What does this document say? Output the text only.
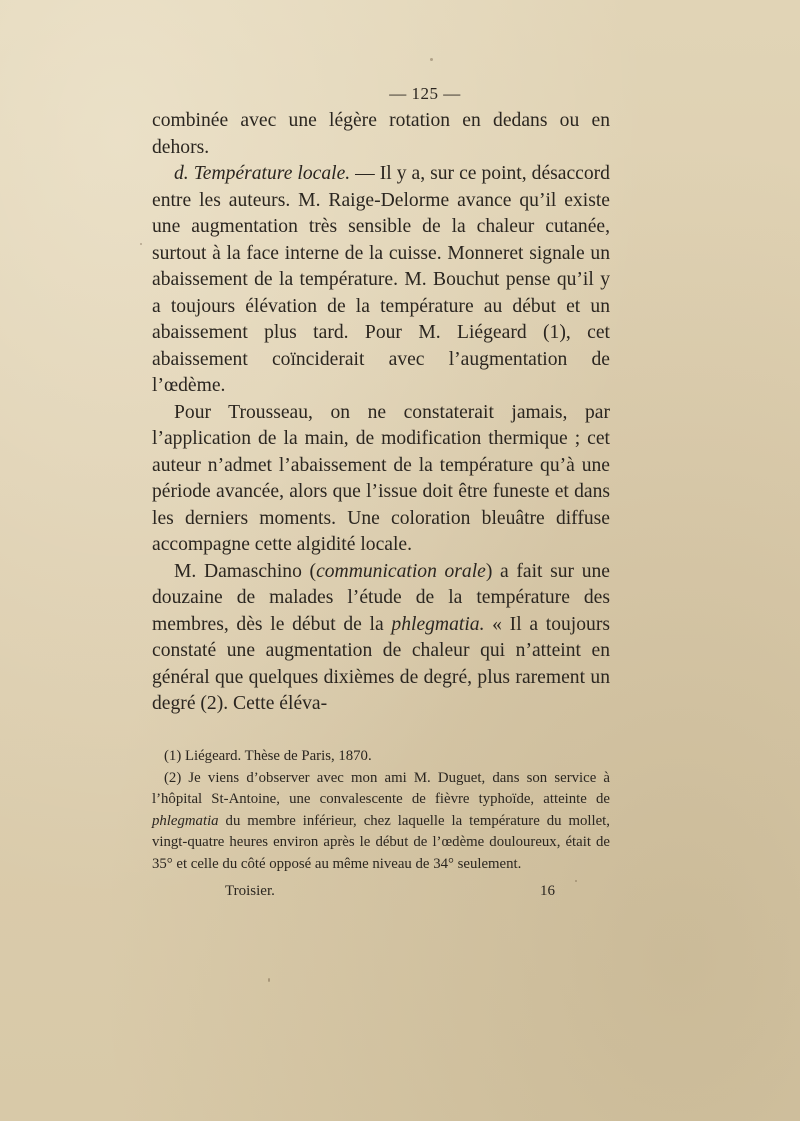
— 125 —

combinée avec une légère rotation en dedans ou en dehors.

d. Température locale. — Il y a, sur ce point, désaccord entre les auteurs. M. Raige-Delorme avance qu’il existe une augmentation très sensible de la chaleur cutanée, surtout à la face interne de la cuisse. Monneret signale un abaissement de la température. M. Bouchut pense qu’il y a toujours élévation de la température au début et un abaissement plus tard. Pour M. Liégeard (1), cet abaissement coïnciderait avec l’augmentation de l’œdème.

Pour Trousseau, on ne constaterait jamais, par l’application de la main, de modification thermique ; cet auteur n’admet l’abaissement de la température qu’à une période avancée, alors que l’issue doit être funeste et dans les derniers moments. Une coloration bleuâtre diffuse accompagne cette algidité locale.

M. Damaschino (communication orale) a fait sur une douzaine de malades l’étude de la température des membres, dès le début de la phlegmatia. « Il a toujours constaté une augmentation de chaleur qui n’atteint en général que quelques dixièmes de degré, plus rarement un degré (2). Cette éléva-

(1) Liégeard. Thèse de Paris, 1870.

(2) Je viens d’observer avec mon ami M. Duguet, dans son service à l’hôpital St-Antoine, une convalescente de fièvre typhoïde, atteinte de phlegmatia du membre inférieur, chez laquelle la température du mollet, vingt-quatre heures environ après le début de l’œdème douloureux, était de 35° et celle du côté opposé au même niveau de 34° seulement.

Troisier.	16
